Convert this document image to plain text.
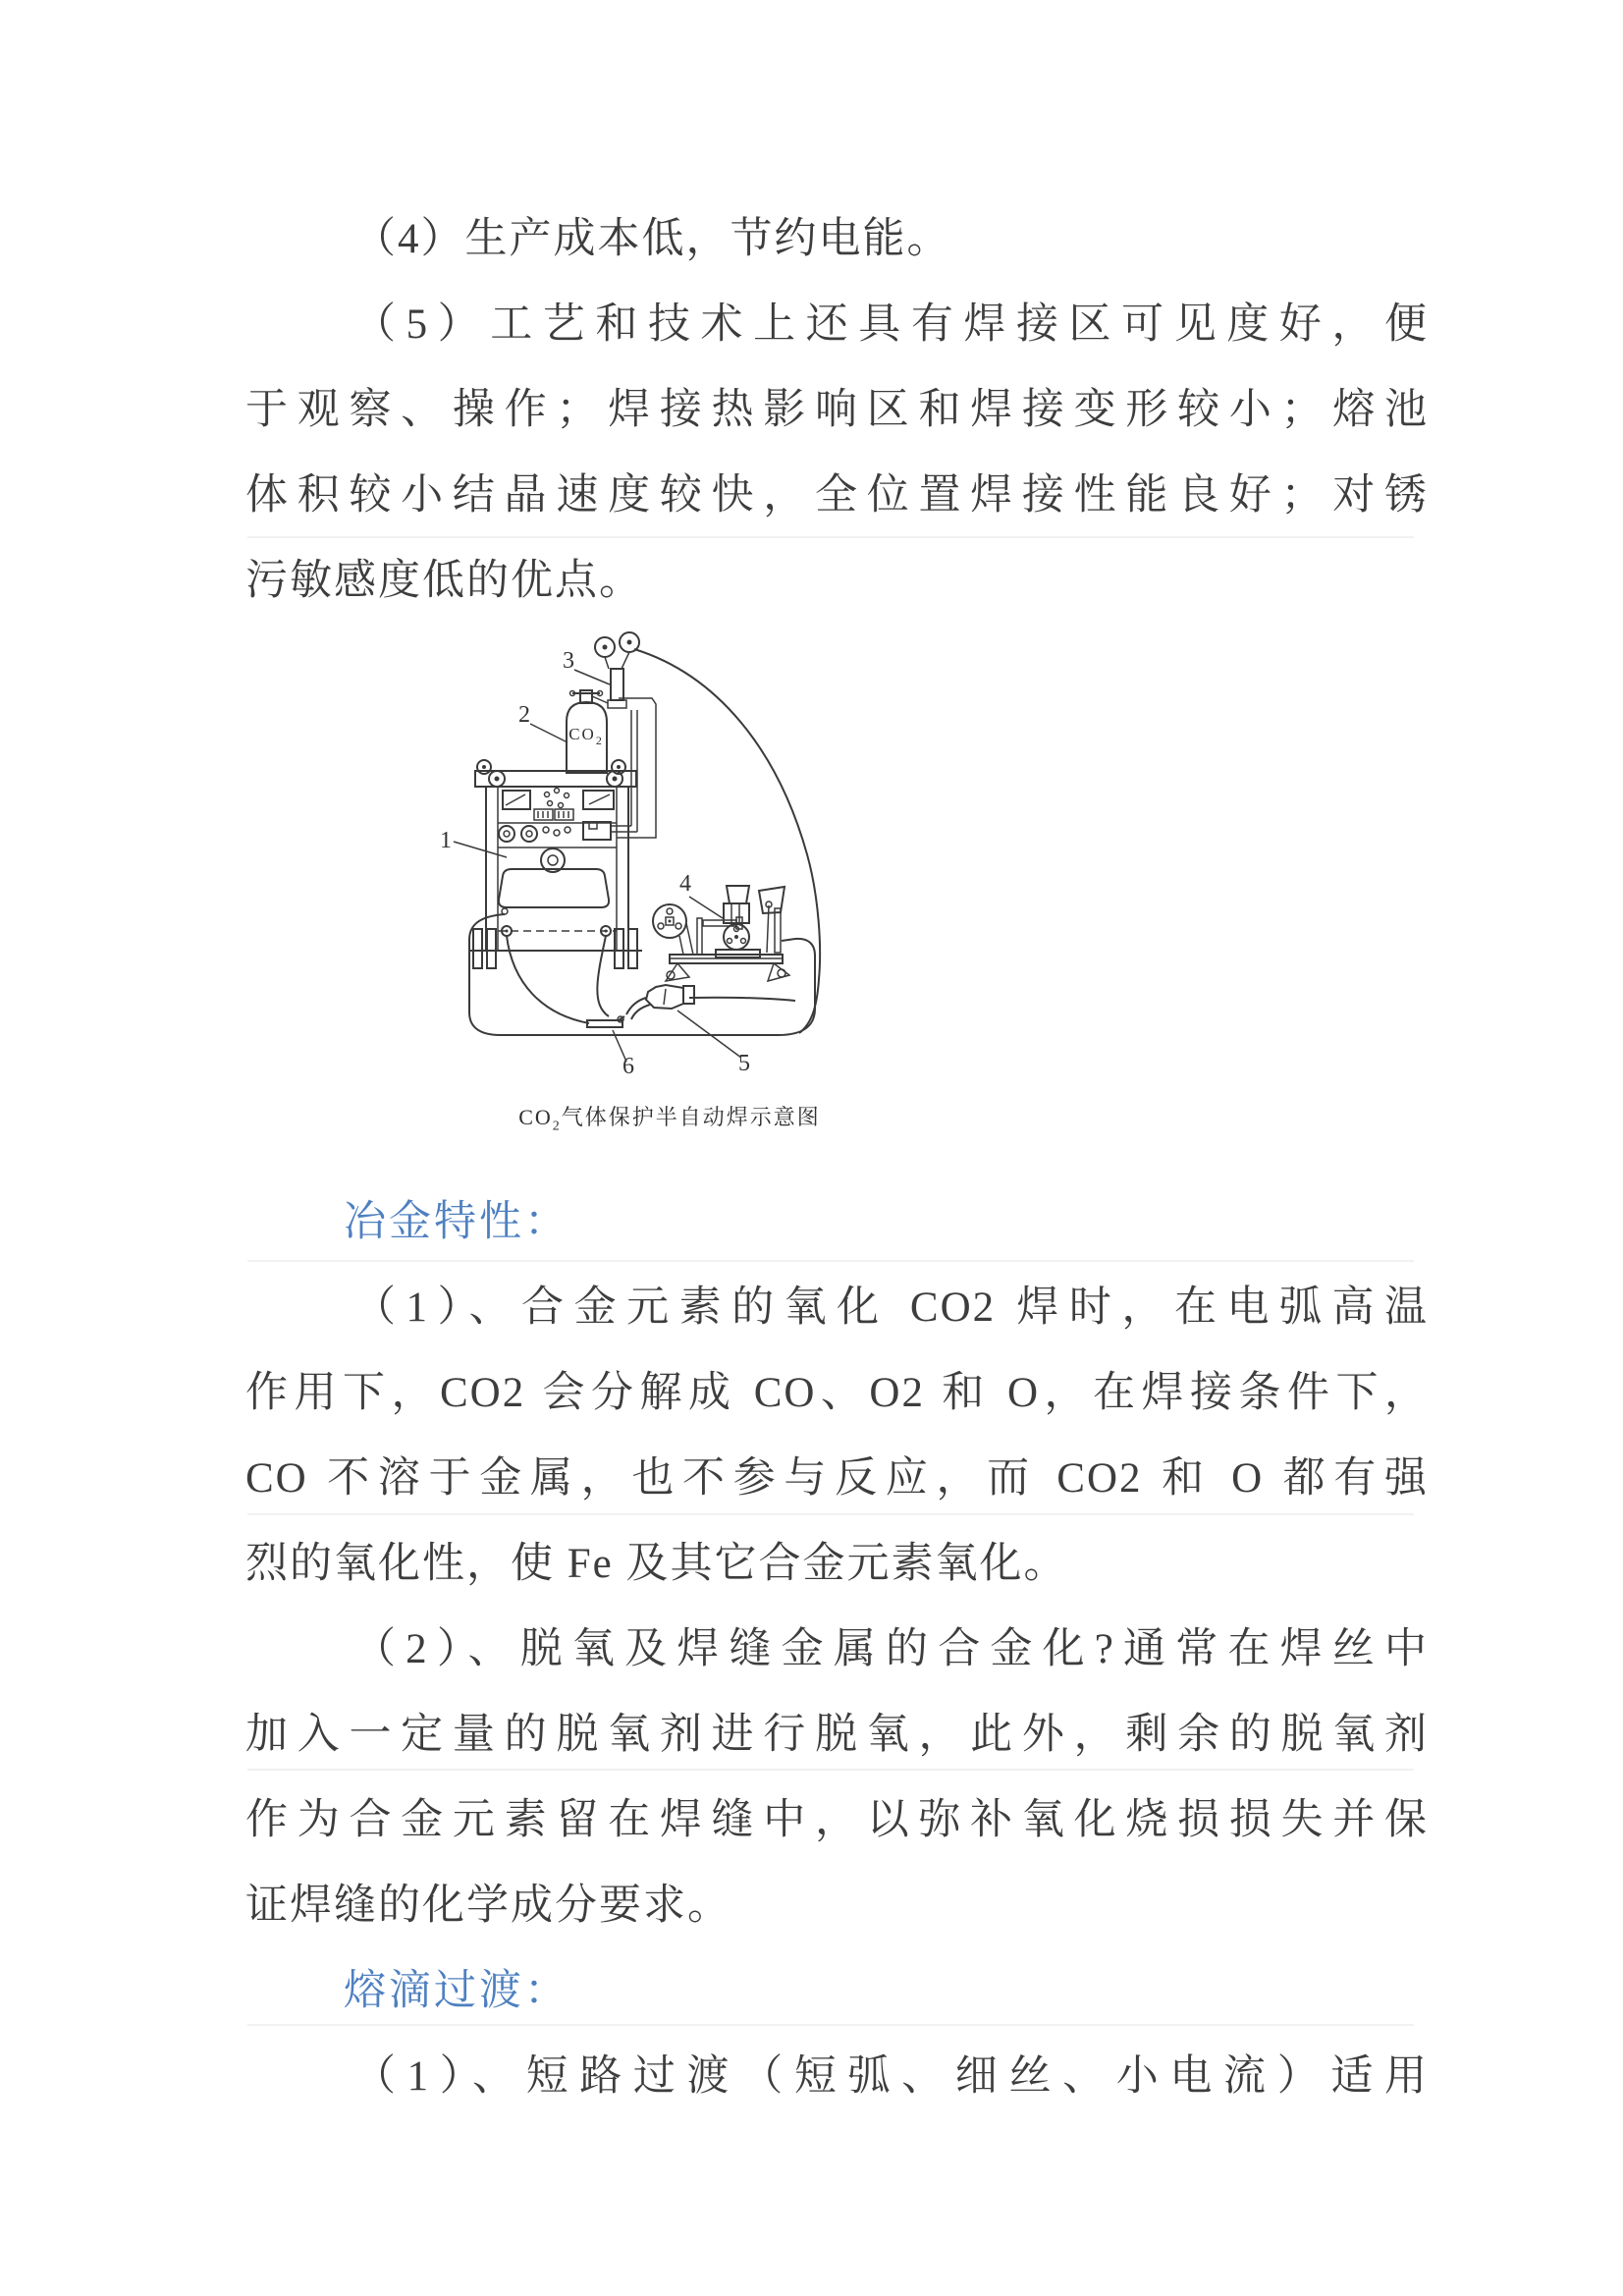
（4）生产成本低，节约电能。
（5）工艺和技术上还具有焊接区可见度好，便
于观察、操作；焊接热影响区和焊接变形较小；熔池
体积较小结晶速度较快，全位置焊接性能良好；对锈
污敏感度低的优点。
$CO_2$
1
2
3
4
5
6
$CO_2$气体保护半自动焊示意图
冶金特性：
（1）、合金元素的氧化 CO2 焊时，在电弧高温
作用下，CO2 会分解成 CO、O2 和 O，在焊接条件下，
CO 不溶于金属，也不参与反应，而 CO2 和 O 都有强
烈的氧化性，使 Fe 及其它合金元素氧化。
（2）、脱氧及焊缝金属的合金化?通常在焊丝中
加入一定量的脱氧剂进行脱氧，此外，剩余的脱氧剂
作为合金元素留在焊缝中，以弥补氧化烧损损失并保
证焊缝的化学成分要求。
熔滴过渡：
（1）、短路过渡（短弧、细丝、小电流）适用
